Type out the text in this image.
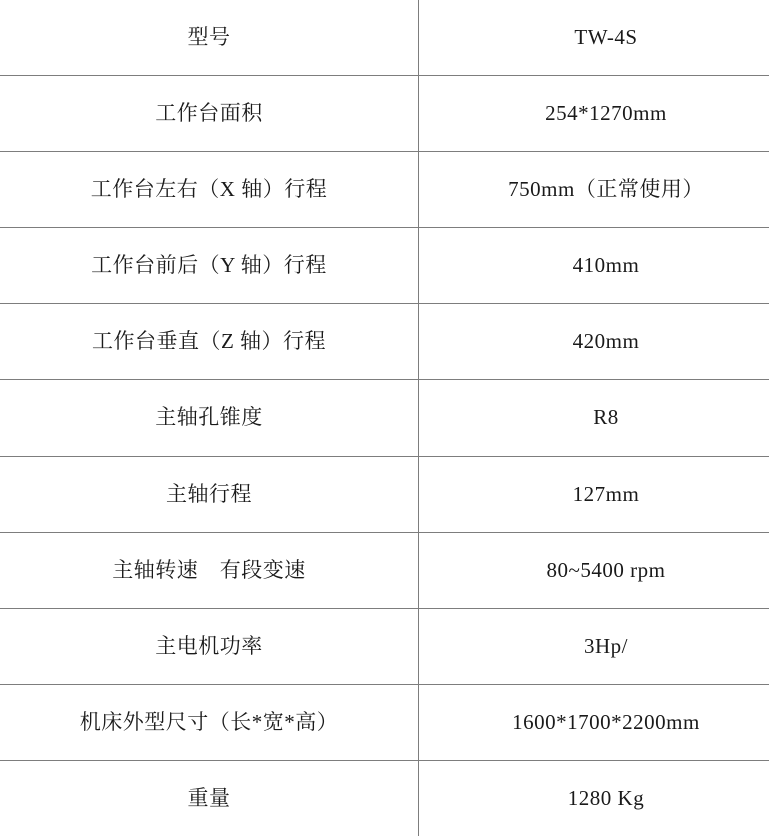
型号	TW-4S
工作台面积	254*1270mm
工作台左右（X 轴）行程	750mm（正常使用）
工作台前后（Y 轴）行程	410mm
工作台垂直（Z 轴）行程	420mm
主轴孔锥度	R8
主轴行程	127mm
主轴转速　有段变速	80~5400 rpm
主电机功率	3Hp/
机床外型尺寸（长*宽*高）	1600*1700*2200mm
重量	1280 Kg
